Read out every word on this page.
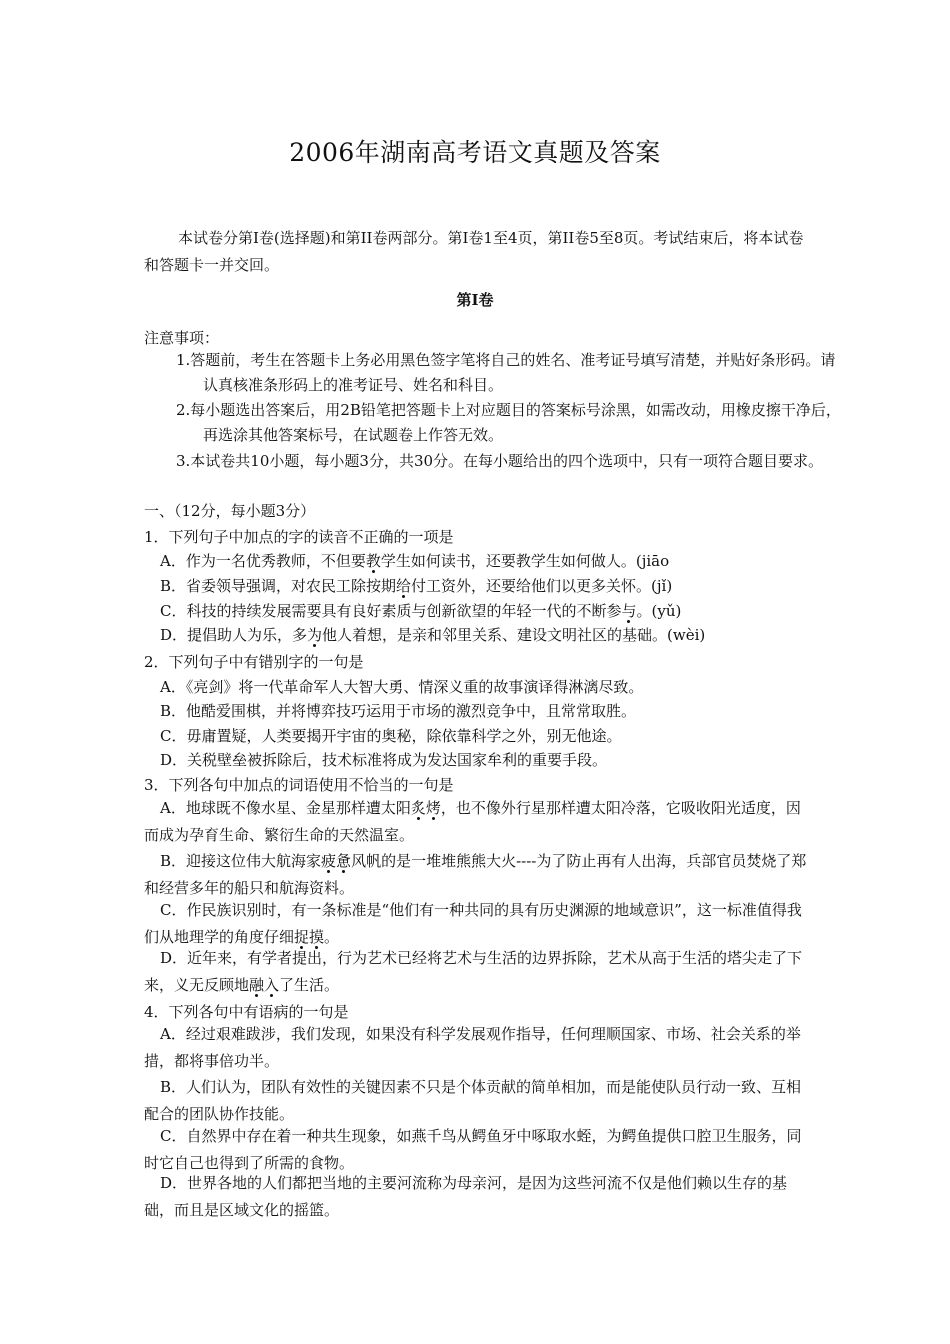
2006年湖南高考语文真题及答案
本试卷分第I卷(选择题)和第II卷两部分。第I卷1至4页，第II卷5至8页。考试结束后，将本试卷和答题卡一并交回。
第I卷
注意事项：
1.答题前，考生在答题卡上务必用黑色签字笔将自己的姓名、准考证号填写清楚，并贴好条形码。请认真核准条形码上的准考证号、姓名和科目。
2.每小题选出答案后，用2B铅笔把答题卡上对应题目的答案标号涂黑，如需改动，用橡皮擦干净后，再选涂其他答案标号，在试题卷上作答无效。
3.本试卷共10小题，每小题3分，共30分。在每小题给出的四个选项中，只有一项符合题目要求。
一、（12分，每小题3分）
1．下列句子中加点的字的读音不正确的一项是
A．作为一名优秀教师，不但要教学生如何读书，还要教学生如何做人。(jiāo
B．省委领导强调，对农民工除按期给付工资外，还要给他们以更多关怀。(jǐ)
C．科技的持续发展需要具有良好素质与创新欲望的年轻一代的不断参与。(yǔ)
D．提倡助人为乐，多为他人着想，是亲和邻里关系、建设文明社区的基础。(wèi)
2．下列句子中有错别字的一句是
A．《亮剑》将一代革命军人大智大勇、情深义重的故事演译得淋漓尽致。
B．他酷爱围棋，并将博弈技巧运用于市场的激烈竞争中，且常常取胜。
C．毋庸置疑，人类要揭开宇宙的奥秘，除依靠科学之外，别无他途。
D．关税壁垒被拆除后，技术标准将成为发达国家牟利的重要手段。
3．下列各句中加点的词语使用不恰当的一句是
A．地球既不像水星、金星那样遭太阳炙烤，也不像外行星那样遭太阳冷落，它吸收阳光适度，因而成为孕育生命、繁衍生命的天然温室。
B．迎接这位伟大航海家疲惫风帆的是一堆堆熊熊大火----为了防止再有人出海，兵部官员焚烧了郑和经营多年的船只和航海资料。
C．作民族识别时，有一条标准是“他们有一种共同的具有历史渊源的地域意识”，这一标准值得我们从地理学的角度仔细捉摸。
D．近年来，有学者提出，行为艺术已经将艺术与生活的边界拆除，艺术从高于生活的塔尖走了下来，义无反顾地融入了生活。
4．下列各句中有语病的一句是
A．经过艰难跋涉，我们发现，如果没有科学发展观作指导，任何理顺国家、市场、社会关系的举措，都将事倍功半。
B．人们认为，团队有效性的关键因素不只是个体贡献的简单相加，而是能使队员行动一致、互相配合的团队协作技能。
C．自然界中存在着一种共生现象，如燕千鸟从鳄鱼牙中啄取水蛭，为鳄鱼提供口腔卫生服务，同时它自己也得到了所需的食物。
D．世界各地的人们都把当地的主要河流称为母亲河，是因为这些河流不仅是他们赖以生存的基础，而且是区域文化的摇篮。
